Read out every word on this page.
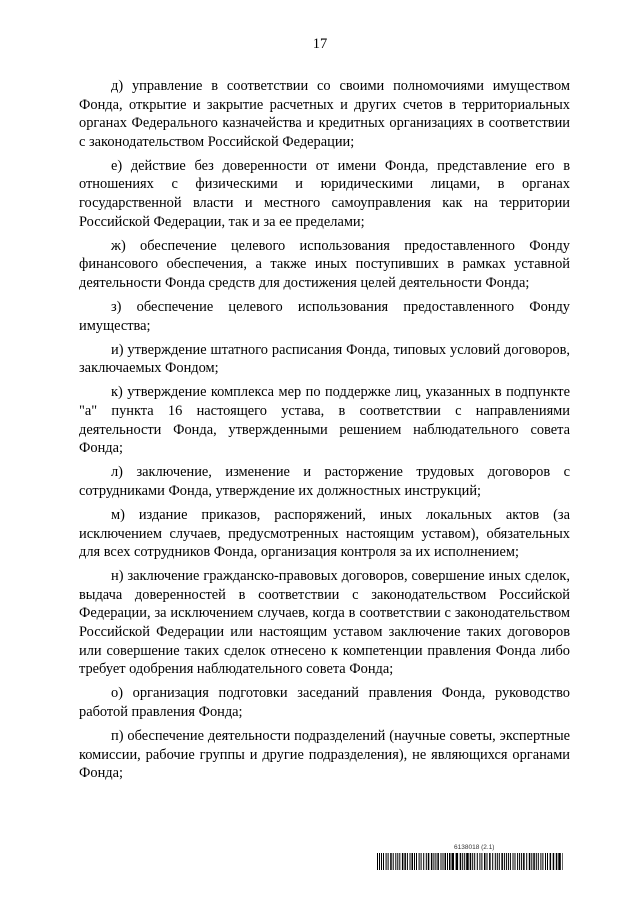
17

д) управление в соответствии со своими полномочиями имуществом Фонда, открытие и закрытие расчетных и других счетов в территориальных органах Федерального казначейства и кредитных организациях в соответствии с законодательством Российской Федерации;

е) действие без доверенности от имени Фонда, представление его в отношениях с физическими и юридическими лицами, в органах государственной власти и местного самоуправления как на территории Российской Федерации, так и за ее пределами;

ж) обеспечение целевого использования предоставленного Фонду финансового обеспечения, а также иных поступивших в рамках уставной деятельности Фонда средств для достижения целей деятельности Фонда;

з) обеспечение целевого использования предоставленного Фонду имущества;

и) утверждение штатного расписания Фонда, типовых условий договоров, заключаемых Фондом;

к) утверждение комплекса мер по поддержке лиц, указанных в подпункте "а" пункта 16 настоящего устава, в соответствии с направлениями деятельности Фонда, утвержденными решением наблюдательного совета Фонда;

л) заключение, изменение и расторжение трудовых договоров с сотрудниками Фонда, утверждение их должностных инструкций;

м) издание приказов, распоряжений, иных локальных актов (за исключением случаев, предусмотренных настоящим уставом), обязательных для всех сотрудников Фонда, организация контроля за их исполнением;

н) заключение гражданско-правовых договоров, совершение иных сделок, выдача доверенностей в соответствии с законодательством Российской Федерации, за исключением случаев, когда в соответствии с законодательством Российской Федерации или настоящим уставом заключение таких договоров или совершение таких сделок отнесено к компетенции правления Фонда либо требует одобрения наблюдательного совета Фонда;

о) организация подготовки заседаний правления Фонда, руководство работой правления Фонда;

п) обеспечение деятельности подразделений (научные советы, экспертные комиссии, рабочие группы и другие подразделения), не являющихся органами Фонда;

6138018 (2.1)
